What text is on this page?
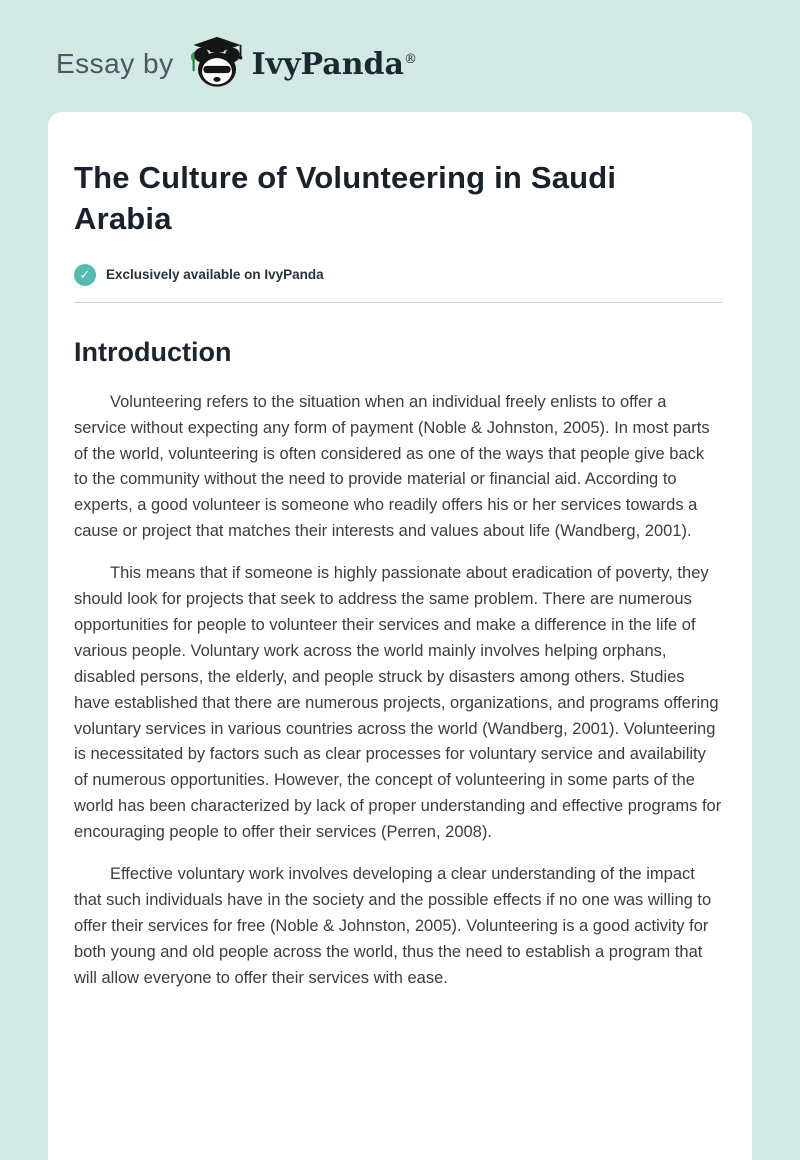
Essay by	IvyPanda®
The Culture of Volunteering in Saudi Arabia
✓	Exclusively available on IvyPanda
Introduction

Volunteering refers to the situation when an individual freely enlists to offer a service without expecting any form of payment (Noble & Johnston, 2005). In most parts of the world, volunteering is often considered as one of the ways that people give back to the community without the need to provide material or financial aid. According to experts, a good volunteer is someone who readily offers his or her services towards a cause or project that matches their interests and values about life (Wandberg, 2001).

This means that if someone is highly passionate about eradication of poverty, they should look for projects that seek to address the same problem. There are numerous opportunities for people to volunteer their services and make a difference in the life of various people. Voluntary work across the world mainly involves helping orphans, disabled persons, the elderly, and people struck by disasters among others. Studies have established that there are numerous projects, organizations, and programs offering voluntary services in various countries across the world (Wandberg, 2001). Volunteering is necessitated by factors such as clear processes for voluntary service and availability of numerous opportunities. However, the concept of volunteering in some parts of the world has been characterized by lack of proper understanding and effective programs for encouraging people to offer their services (Perren, 2008).

Effective voluntary work involves developing a clear understanding of the impact that such individuals have in the society and the possible effects if no one was willing to offer their services for free (Noble & Johnston, 2005). Volunteering is a good activity for both young and old people across the world, thus the need to establish a program that will allow everyone to offer their services with ease.
